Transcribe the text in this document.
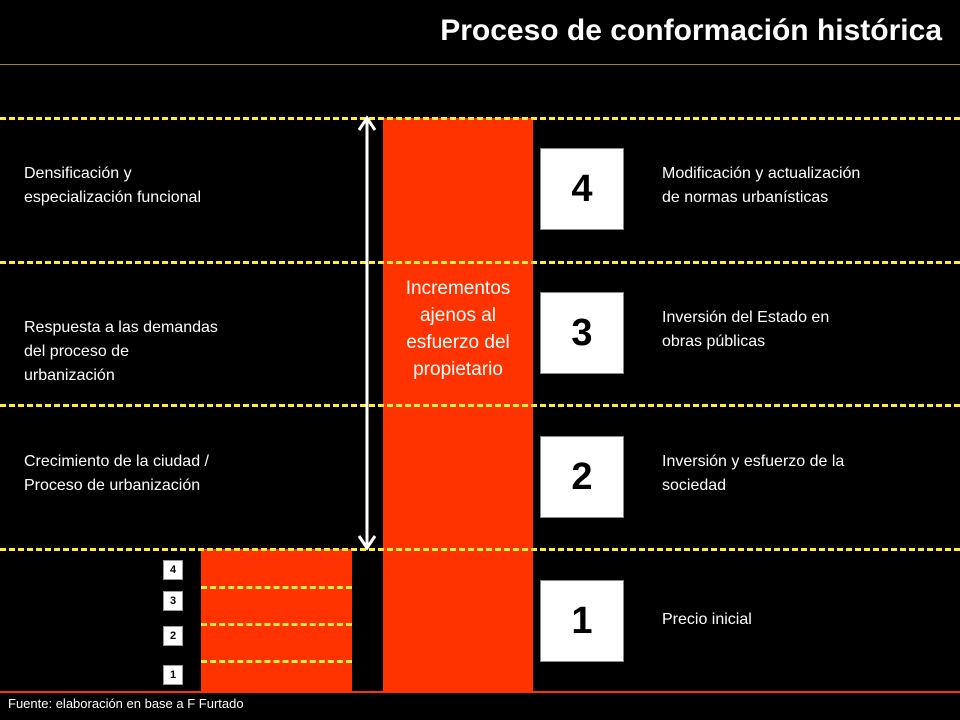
Proceso de conformación histórica
Incrementos
ajenos al
esfuerzo del
propietario
Densificación y
especialización funcional
Respuesta a las demandas
del proceso de
urbanización
Crecimiento de la ciudad /
Proceso de urbanización
4
3
2
1
Modificación y actualización
de normas urbanísticas
Inversión del Estado en
obras públicas
Inversión y esfuerzo de la
sociedad
Precio inicial
4
3
2
1
Fuente: elaboración en base a F Furtado
